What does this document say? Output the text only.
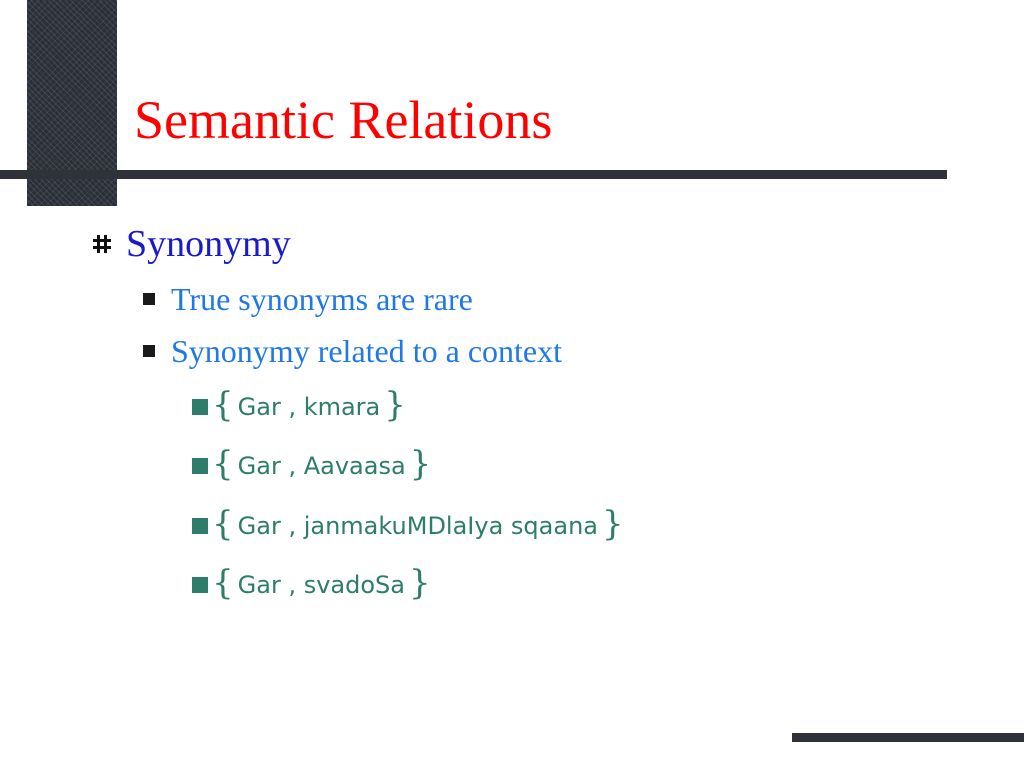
Semantic Relations
Synonymy
True synonyms are rare
Synonymy related to a context
{ Gar , kmara }
{ Gar , Aavaasa }
{ Gar , janmakuMDlaIya sqaana }
{ Gar , svadoSa }
